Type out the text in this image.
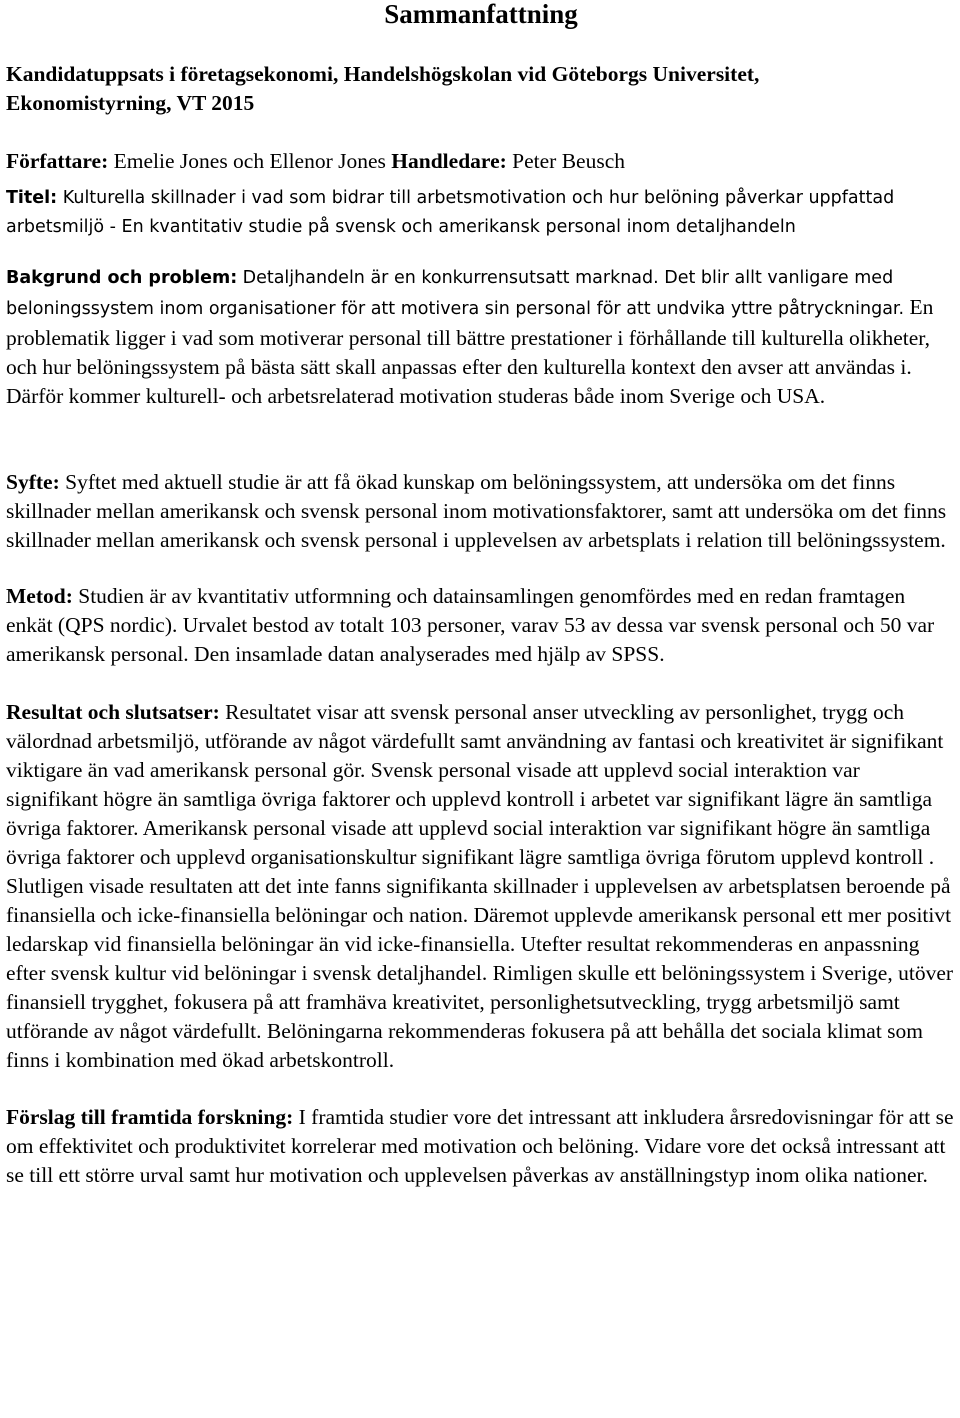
Sammanfattning

Kandidatuppsats i företagsekonomi, Handelshögskolan vid Göteborgs Universitet,

Ekonomistyrning, VT 2015

Författare: Emelie Jones och Ellenor Jones Handledare: Peter Beusch

Titel: Kulturella skillnader i vad som bidrar till arbetsmotivation och hur belöning påverkar uppfattad arbetsmiljö - En kvantitativ studie på svensk och amerikansk personal inom detaljhandeln

Bakgrund och problem: Detaljhandeln är en konkurrensutsatt marknad. Det blir allt vanligare med beloningssystem inom organisationer för att motivera sin personal för att undvika yttre påtryckningar. En problematik ligger i vad som motiverar personal till bättre prestationer i förhållande till kulturella olikheter, och hur belöningssystem på bästa sätt skall anpassas efter den kulturella kontext den avser att användas i. Därför kommer kulturell- och arbetsrelaterad motivation studeras både inom Sverige och USA.

Syfte: Syftet med aktuell studie är att få ökad kunskap om belöningssystem, att undersöka om det finns skillnader mellan amerikansk och svensk personal inom motivationsfaktorer, samt att undersöka om det finns skillnader mellan amerikansk och svensk personal i upplevelsen av arbetsplats i relation till belöningssystem.

Metod: Studien är av kvantitativ utformning och datainsamlingen genomfördes med en redan framtagen enkät (QPS nordic). Urvalet bestod av totalt 103 personer, varav 53 av dessa var svensk personal och 50 var amerikansk personal. Den insamlade datan analyserades med hjälp av SPSS.

Resultat och slutsatser: Resultatet visar att svensk personal anser utveckling av personlighet, trygg och välordnad arbetsmiljö, utförande av något värdefullt samt användning av fantasi och kreativitet är signifikant viktigare än vad amerikansk personal gör. Svensk personal visade att upplevd social interaktion var signifikant högre än samtliga övriga faktorer och upplevd kontroll i arbetet var signifikant lägre än samtliga övriga faktorer. Amerikansk personal visade att upplevd social interaktion var signifikant högre än samtliga övriga faktorer och upplevd organisationskultur signifikant lägre samtliga övriga förutom upplevd kontroll . Slutligen visade resultaten att det inte fanns signifikanta skillnader i upplevelsen av arbetsplatsen beroende på finansiella och icke-finansiella belöningar och nation. Däremot upplevde amerikansk personal ett mer positivt ledarskap vid finansiella belöningar än vid icke-finansiella. Utefter resultat rekommenderas en anpassning efter svensk kultur vid belöningar i svensk detaljhandel. Rimligen skulle ett belöningssystem i Sverige, utöver finansiell trygghet, fokusera på att framhäva kreativitet, personlighetsutveckling, trygg arbetsmiljö samt utförande av något värdefullt. Belöningarna rekommenderas fokusera på att behålla det sociala klimat som finns i kombination med ökad arbetskontroll.

Förslag till framtida forskning: I framtida studier vore det intressant att inkludera årsredovisningar för att se om effektivitet och produktivitet korrelerar med motivation och belöning. Vidare vore det också intressant att se till ett större urval samt hur motivation och upplevelsen påverkas av anställningstyp inom olika nationer.
